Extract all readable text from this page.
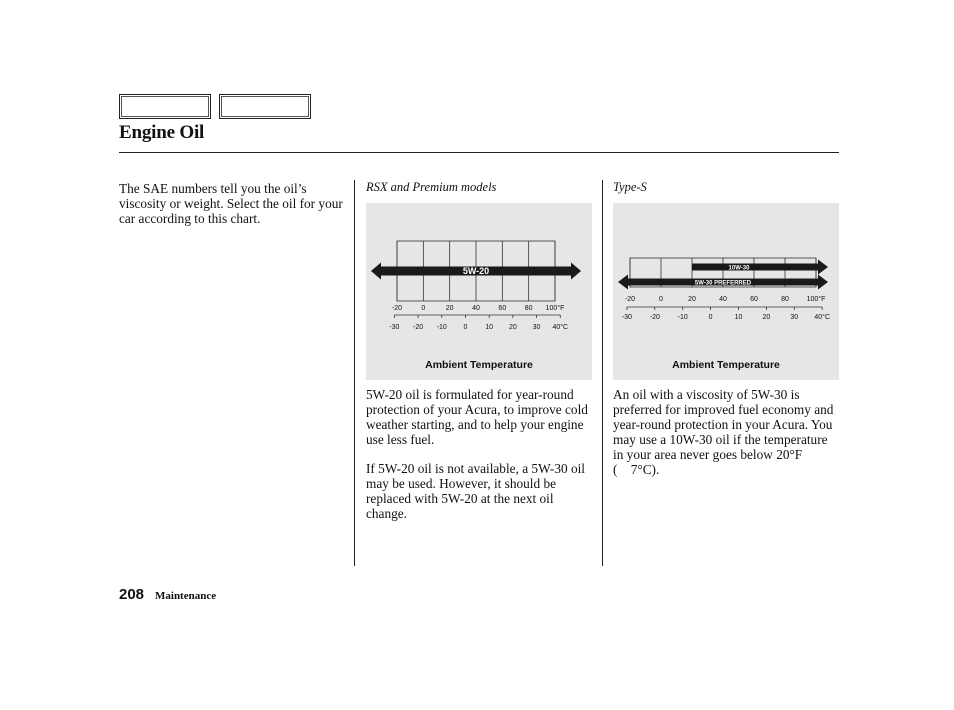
Engine Oil

The SAE numbers tell you the oil’s viscosity or weight. Select the oil for your car according to this chart.

RSX and Premium models	Type-S

-20	0	20	40	60	80 100°F
-30 -20 -10 0	10 20 30 40°C
5W-20
Ambient Temperature
-20	0	20	40	60	80	100°F
-30	-20	-10	0	10	20	30 40°C
10W-30
5W-30 PREFERRED
Ambient Temperature

5W-20 oil is formulated for year-round protection of your Acura, to improve cold weather starting, and to help your engine use less fuel.

If 5W-20 oil is not available, a 5W-30 oil may be used. However, it should be replaced with 5W-20 at the next oil change.

An oil with a viscosity of 5W-30 is preferred for improved fuel economy and year-round protection in your Acura. You may use a 10W-30 oil if the temperature in your area never goes below 20°F (    7°C).

208 Maintenance
